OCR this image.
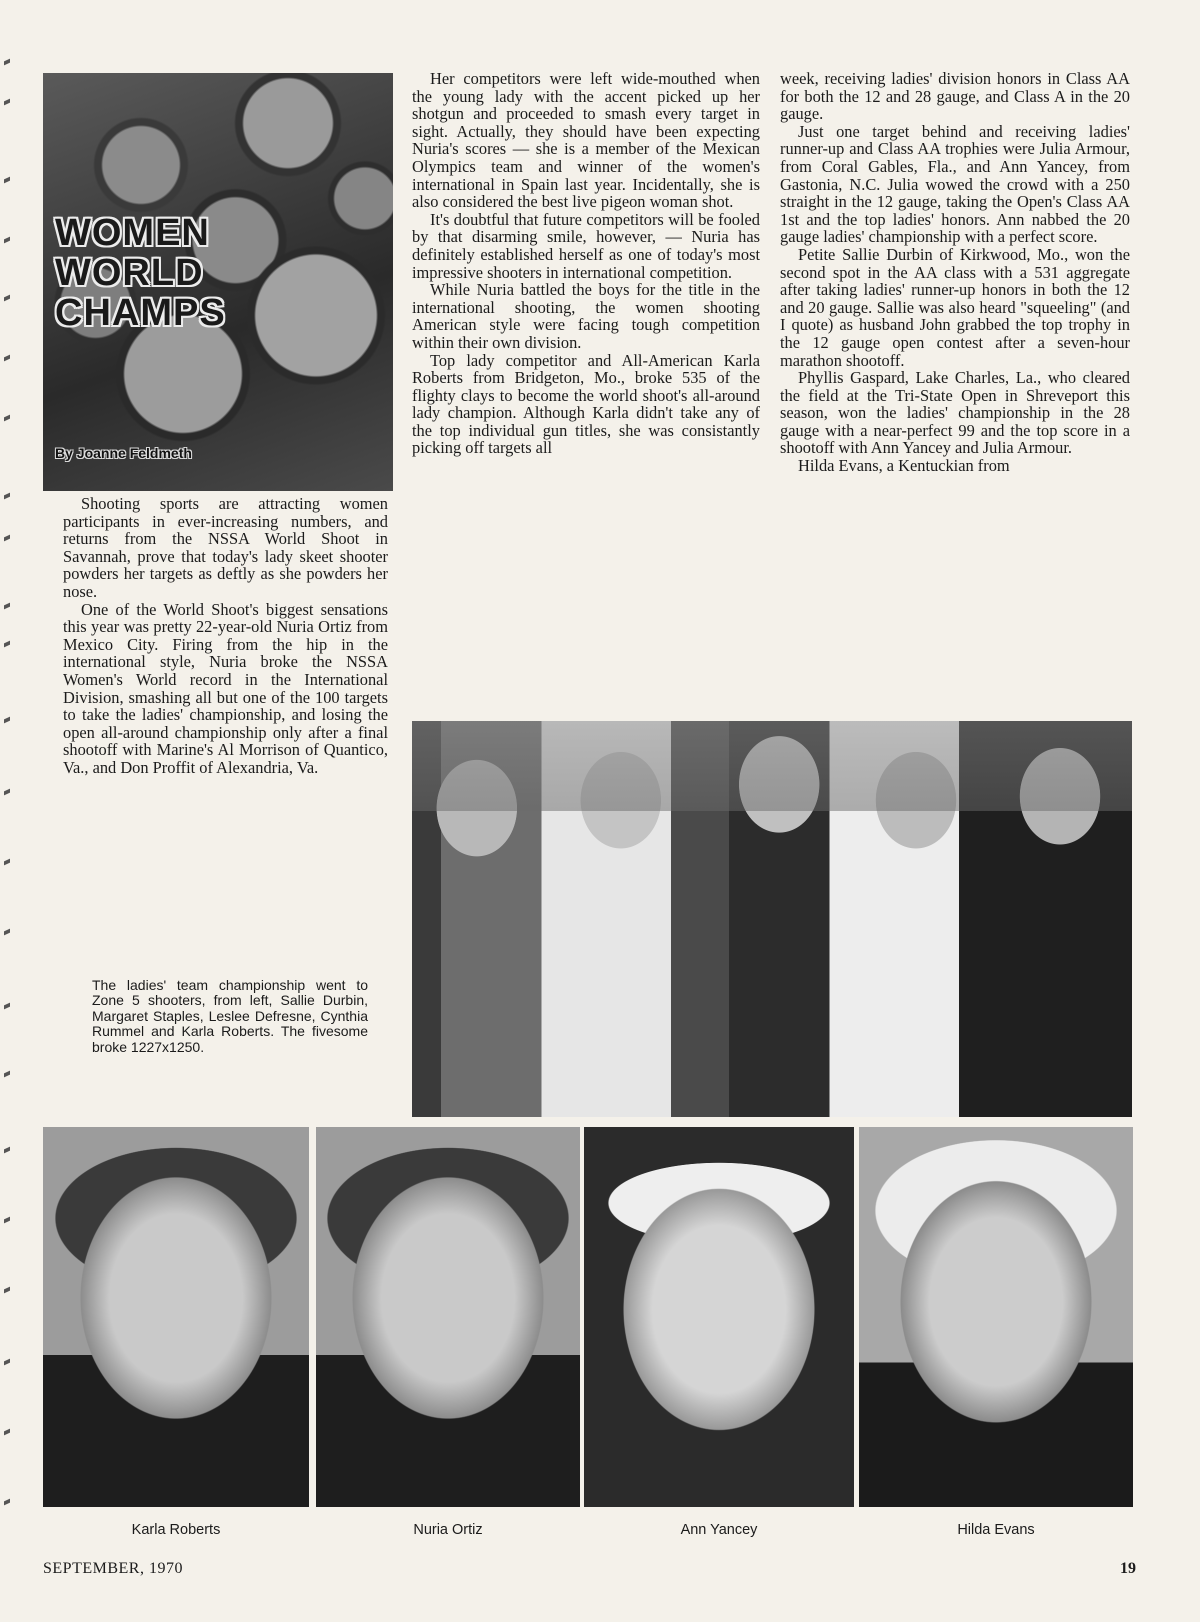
WOMEN
WORLD
CHAMPS
By Joanne Feldmeth

Shooting sports are attracting women participants in ever-increasing numbers, and returns from the NSSA World Shoot in Savannah, prove that today's lady skeet shooter powders her targets as deftly as she powders her nose.

One of the World Shoot's biggest sensations this year was pretty 22-year-old Nuria Ortiz from Mexico City. Firing from the hip in the international style, Nuria broke the NSSA Women's World record in the International Division, smashing all but one of the 100 targets to take the ladies' championship, and losing the open all-around championship only after a final shootoff with Marine's Al Morrison of Quantico, Va., and Don Proffit of Alexandria, Va.

Her competitors were left wide-mouthed when the young lady with the accent picked up her shotgun and proceeded to smash every target in sight. Actually, they should have been expecting Nuria's scores — she is a member of the Mexican Olympics team and winner of the women's international in Spain last year. Incidentally, she is also considered the best live pigeon woman shot.

It's doubtful that future competitors will be fooled by that disarming smile, however, — Nuria has definitely established herself as one of today's most impressive shooters in international competition.

While Nuria battled the boys for the title in the international shooting, the women shooting American style were facing tough competition within their own division.

Top lady competitor and All-American Karla Roberts from Bridgeton, Mo., broke 535 of the flighty clays to become the world shoot's all-around lady champion. Although Karla didn't take any of the top individual gun titles, she was consistantly picking off targets all

week, receiving ladies' division honors in Class AA for both the 12 and 28 gauge, and Class A in the 20 gauge.

Just one target behind and receiving ladies' runner-up and Class AA trophies were Julia Armour, from Coral Gables, Fla., and Ann Yancey, from Gastonia, N.C. Julia wowed the crowd with a 250 straight in the 12 gauge, taking the Open's Class AA 1st and the top ladies' honors. Ann nabbed the 20 gauge ladies' championship with a perfect score.

Petite Sallie Durbin of Kirkwood, Mo., won the second spot in the AA class with a 531 aggregate after taking ladies' runner-up honors in both the 12 and 20 gauge. Sallie was also heard "squeeling" (and I quote) as husband John grabbed the top trophy in the 12 gauge open contest after a seven-hour marathon shootoff.

Phyllis Gaspard, Lake Charles, La., who cleared the field at the Tri-State Open in Shreveport this season, won the ladies' championship in the 28 gauge with a near-perfect 99 and the top score in a shootoff with Ann Yancey and Julia Armour.

Hilda Evans, a Kentuckian from

The ladies' team championship went to Zone 5 shooters, from left, Sallie Durbin, Margaret Staples, Leslee Defresne, Cynthia Rummel and Karla Roberts. The fivesome broke 1227x1250.
Karla Roberts	Nuria Ortiz	Ann Yancey	Hilda Evans
SEPTEMBER, 1970	19
